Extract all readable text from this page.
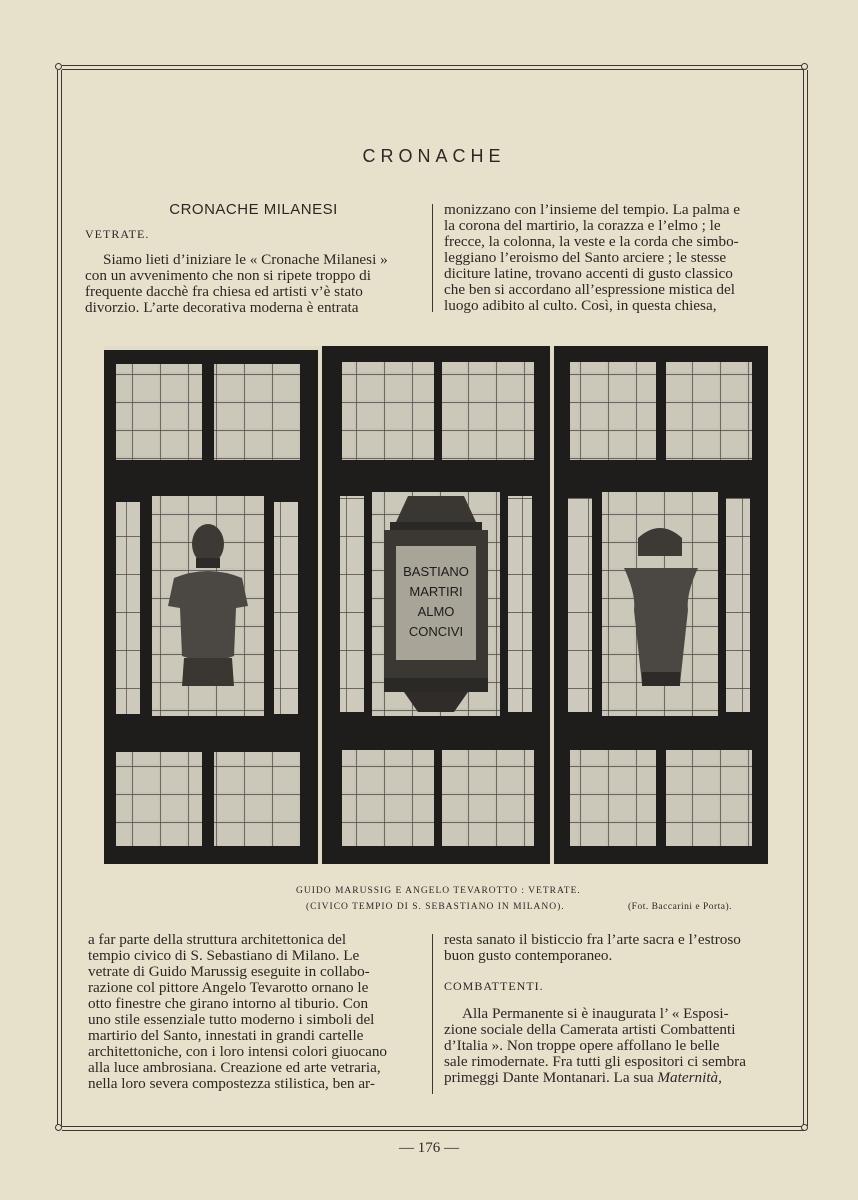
CRONACHE
CRONACHE MILANESI
VETRATE.

Siamo lieti d’iniziare le « Cronache Milanesi »

con un avvenimento che non si ripete troppo di

frequente dacchè fra chiesa ed artisti v’è stato

divorzio. L’arte decorativa moderna è entrata

monizzano con l’insieme del tempio. La palma e

la corona del martirio, la corazza e l’elmo ; le

frecce, la colonna, la veste e la corda che simbo-

leggiano l’eroismo del Santo arciere ; le stesse

diciture latine, trovano accenti di gusto classico

che ben si accordano all’espressione mistica del

luogo adibito al culto. Così, in questa chiesa,

BASTIANO
MARTIRI
ALMO
CONCIVI
GUIDO MARUSSIG E ANGELO TEVAROTTO : VETRATE.
(CIVICO TEMPIO DI S. SEBASTIANO IN MILANO).	(Fot. Baccarini e Porta).

a far parte della struttura architettonica del

tempio civico di S. Sebastiano di Milano. Le

vetrate di Guido Marussig eseguite in collabo-

razione col pittore Angelo Tevarotto ornano le

otto finestre che girano intorno al tiburio. Con

uno stile essenziale tutto moderno i simboli del

martirio del Santo, innestati in grandi cartelle

architettoniche, con i loro intensi colori giuocano

alla luce ambrosiana. Creazione ed arte vetraria,

nella loro severa compostezza stilistica, ben ar-

resta sanato il bisticcio fra l’arte sacra e l’estroso

buon gusto contemporaneo.

COMBATTENTI.

Alla Permanente si è inaugurata l’ « Esposi-

zione sociale della Camerata artisti Combattenti

d’Italia ». Non troppe opere affollano le belle

sale rimodernate. Fra tutti gli espositori ci sembra

primeggi Dante Montanari. La sua Maternità,

— 176 —
